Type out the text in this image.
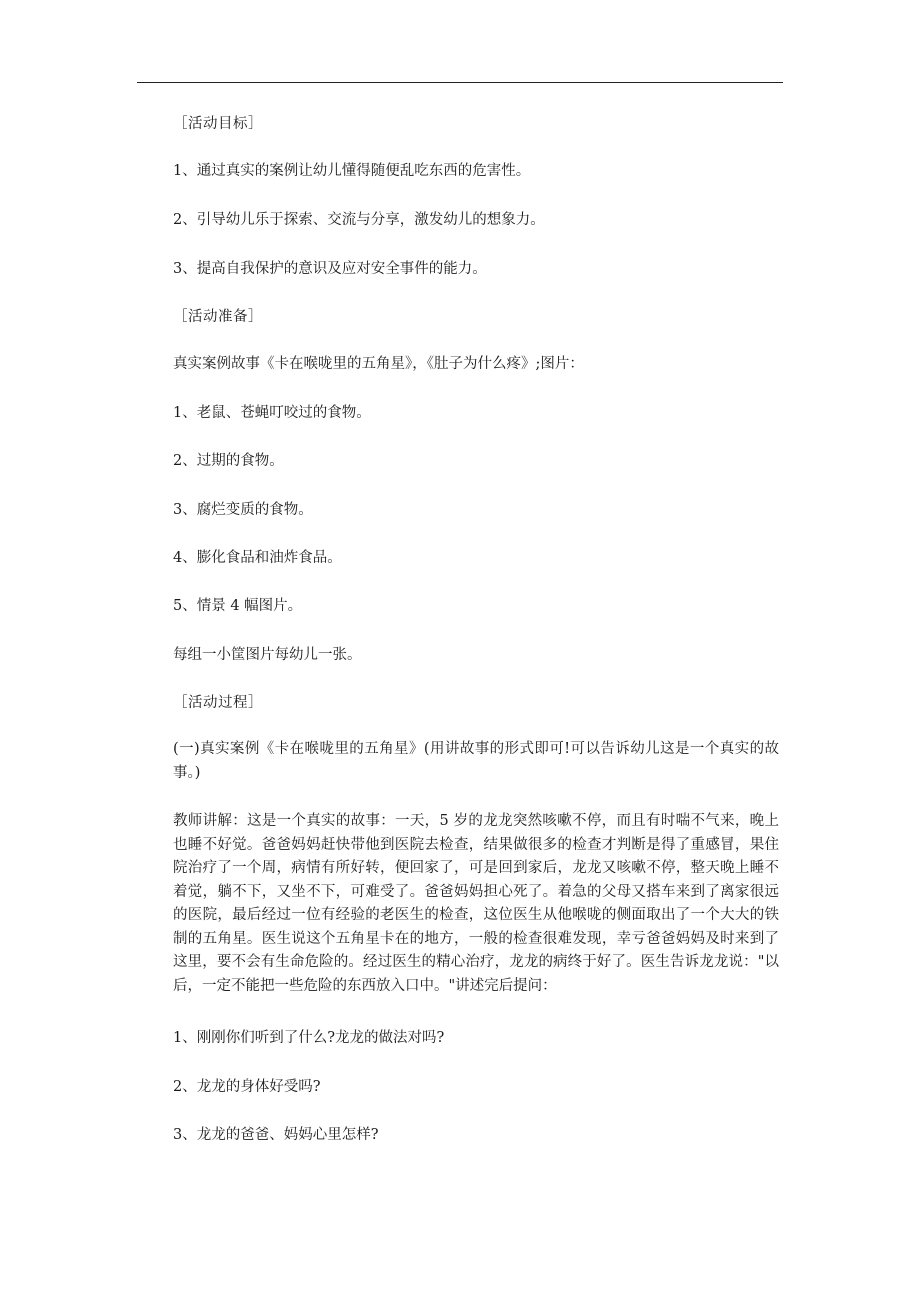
［活动目标］
1、通过真实的案例让幼儿懂得随便乱吃东西的危害性。
2、引导幼儿乐于探索、交流与分享，激发幼儿的想象力。
3、提高自我保护的意识及应对安全事件的能力。
［活动准备］
真实案例故事《卡在喉咙里的五角星》，《肚子为什么疼》;图片：
1、老鼠、苍蝇叮咬过的食物。
2、过期的食物。
3、腐烂变质的食物。
4、膨化食品和油炸食品。
5、情景 4 幅图片。
每组一小筐图片每幼儿一张。
［活动过程］
(一)真实案例《卡在喉咙里的五角星》(用讲故事的形式即可!可以告诉幼儿这是一个真实的故事。)
教师讲解：这是一个真实的故事：一天，5 岁的龙龙突然咳嗽不停，而且有时喘不气来，晚上也睡不好觉。爸爸妈妈赶快带他到医院去检查，结果做很多的检查才判断是得了重感冒，果住院治疗了一个周，病情有所好转，便回家了，可是回到家后，龙龙又咳嗽不停，整天晚上睡不着觉，躺不下，又坐不下，可难受了。爸爸妈妈担心死了。着急的父母又搭车来到了离家很远的医院，最后经过一位有经验的老医生的检查，这位医生从他喉咙的侧面取出了一个大大的铁制的五角星。医生说这个五角星卡在的地方，一般的检查很难发现，幸亏爸爸妈妈及时来到了这里，要不会有生命危险的。经过医生的精心治疗，龙龙的病终于好了。医生告诉龙龙说："以后，一定不能把一些危险的东西放入口中。"讲述完后提问：
1、刚刚你们听到了什么?龙龙的做法对吗?
2、龙龙的身体好受吗?
3、龙龙的爸爸、妈妈心里怎样?
